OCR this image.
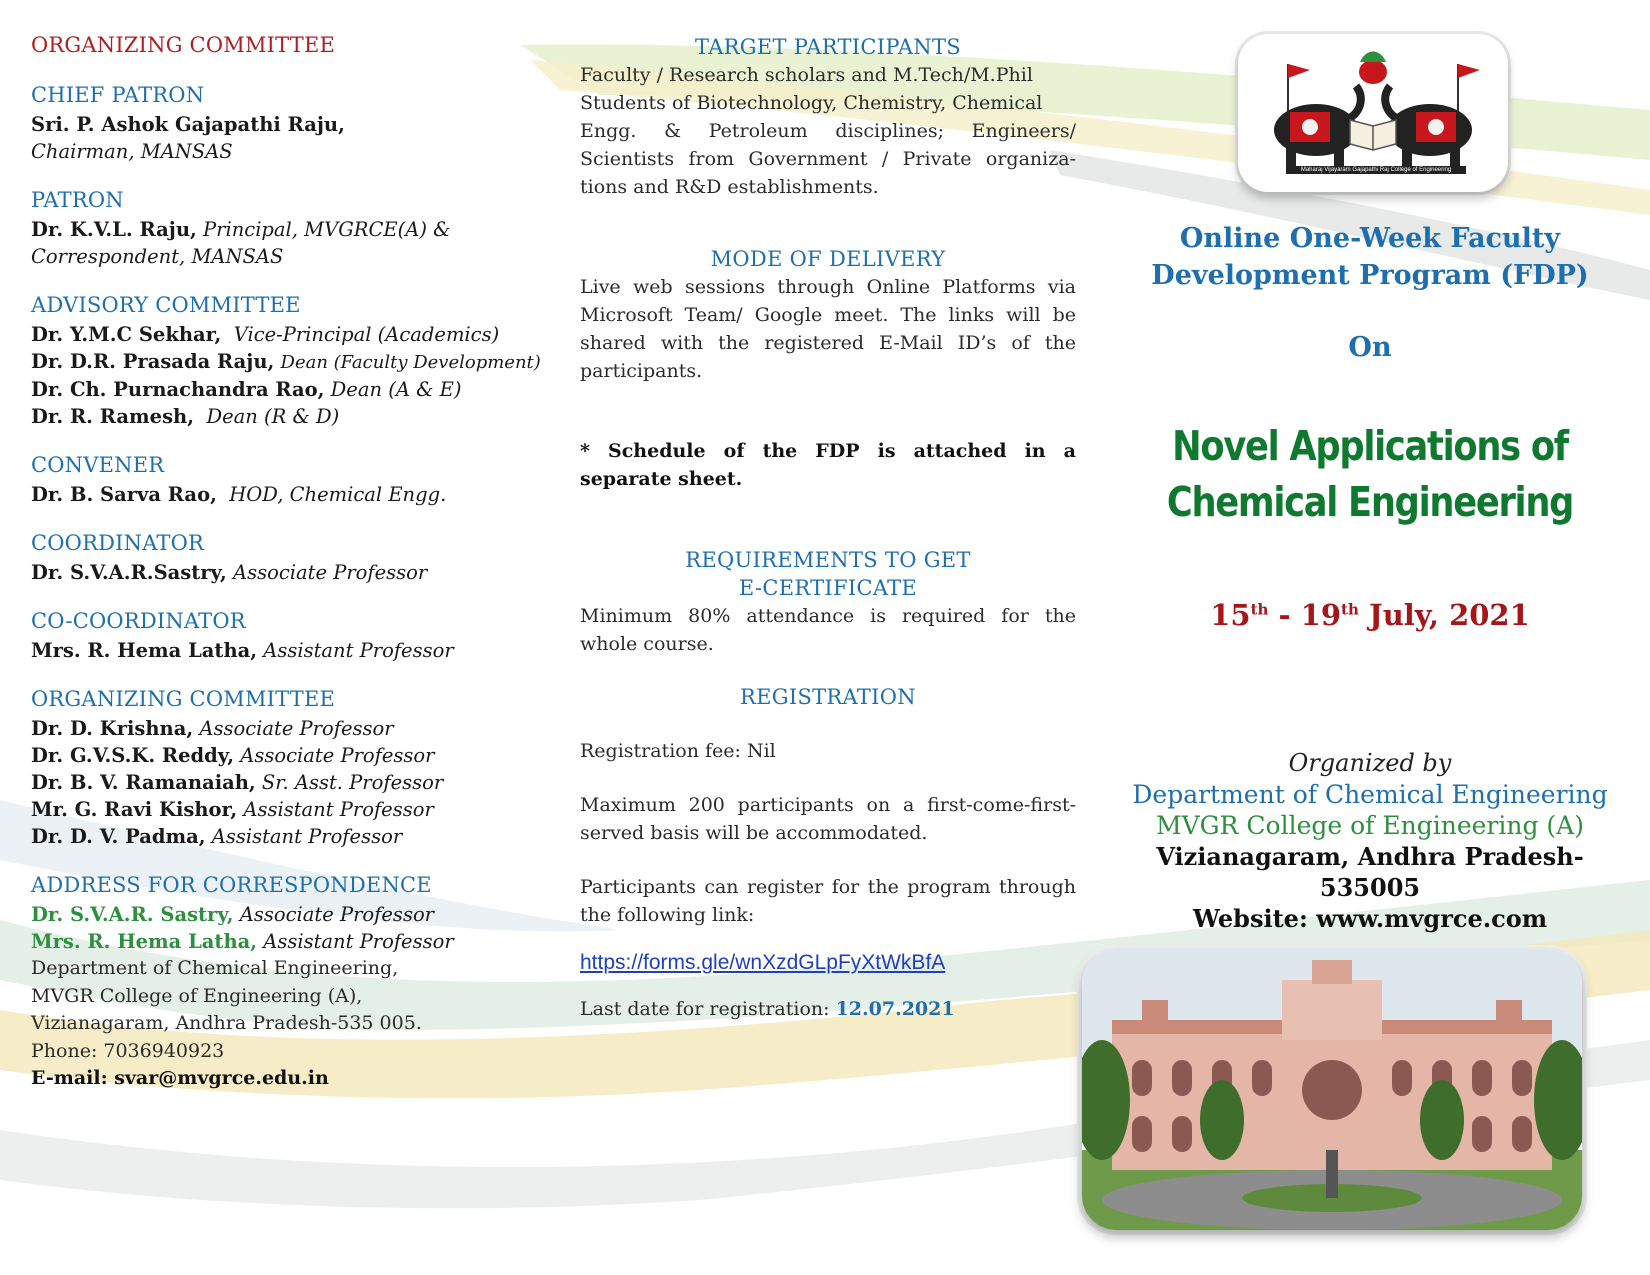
ORGANIZING COMMITTEE
CHIEF PATRON
Sri. P. Ashok Gajapathi Raju,
Chairman, MANSAS
PATRON
Dr. K.V.L. Raju, Principal, MVGRCE(A) &
Correspondent, MANSAS
ADVISORY COMMITTEE
Dr. Y.M.C Sekhar, Vice-Principal (Academics)
Dr. D.R. Prasada Raju, Dean (Faculty Development)
Dr. Ch. Purnachandra Rao, Dean (A & E)
Dr. R. Ramesh, Dean (R & D)
CONVENER
Dr. B. Sarva Rao, HOD, Chemical Engg.
COORDINATOR
Dr. S.V.A.R.Sastry, Associate Professor
CO-COORDINATOR
Mrs. R. Hema Latha, Assistant Professor
ORGANIZING COMMITTEE
Dr. D. Krishna, Associate Professor
Dr. G.V.S.K. Reddy, Associate Professor
Dr. B. V. Ramanaiah, Sr. Asst. Professor
Mr. G. Ravi Kishor, Assistant Professor
Dr. D. V. Padma, Assistant Professor
ADDRESS FOR CORRESPONDENCE
Dr. S.V.A.R. Sastry, Associate Professor
Mrs. R. Hema Latha, Assistant Professor
Department of Chemical Engineering,
MVGR College of Engineering (A),
Vizianagaram, Andhra Pradesh-535 005.
Phone: 7036940923
E-mail: svar@mvgrce.edu.in
TARGET PARTICIPANTS
Faculty / Research scholars and M.Tech/M.Phil
Students of Biotechnology, Chemistry, Chemical
Engg. & Petroleum disciplines; Engineers/
Scientists from Government / Private organiza-
tions and R&D establishments.
MODE OF DELIVERY
Live web sessions through Online Platforms via
Microsoft Team/ Google meet. The links will be
shared with the registered E-Mail ID’s of the
participants.
* Schedule of the FDP is attached in a
separate sheet.
REQUIREMENTS TO GET
E-CERTIFICATE
Minimum 80% attendance is required for the
whole course.
REGISTRATION
Registration fee: Nil
Maximum 200 participants on a first-come-first-
served basis will be accommodated.
Participants can register for the program through
the following link:
https://forms.gle/wnXzdGLpFyXtWkBfA
Last date for registration: 12.07.2021
Maharaj Vijayaram Gajapathi Raj College of Engineering
Online One-Week Faculty
Development Program (FDP)
On
Novel Applications of
Chemical Engineering
15th - 19th July, 2021
Organized by
Department of Chemical Engineering
MVGR College of Engineering (A)
Vizianagaram, Andhra Pradesh-535005
Website: www.mvgrce.com
